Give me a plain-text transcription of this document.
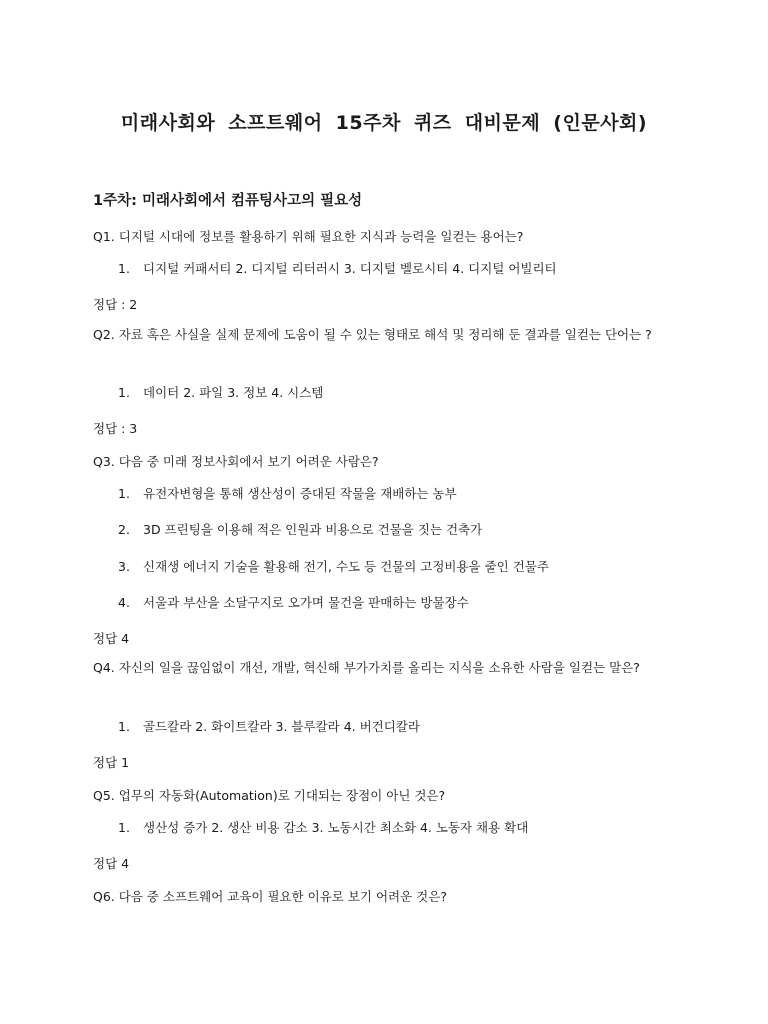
미래사회와 소프트웨어 15주차 퀴즈 대비문제 (인문사회)
1주차: 미래사회에서 컴퓨팅사고의 필요성
Q1. 디지털 시대에 정보를 활용하기 위해 필요한 지식과 능력을 일컫는 용어는?
1. 디지털 커패서티 2. 디지털 리터러시 3. 디지털 벨로시티 4. 디지털 어빌리티
정답 : 2
Q2. 자료 혹은 사실을 실제 문제에 도움이 될 수 있는 형태로 해석 및 정리해 둔 결과를 일컫는 단어는 ?
1. 데이터 2. 파일 3. 정보 4. 시스템
정답 : 3
Q3. 다음 중 미래 정보사회에서 보기 어려운 사람은?
1. 유전자변형을 통해 생산성이 증대된 작물을 재배하는 농부
2. 3D 프린팅을 이용해 적은 인원과 비용으로 건물을 짓는 건축가
3. 신재생 에너지 기술을 활용해 전기, 수도 등 건물의 고정비용을 줄인 건물주
4. 서울과 부산을 소달구지로 오가며 물건을 판매하는 방물장수
정답 4
Q4. 자신의 일을 끊임없이 개선, 개발, 혁신해 부가가치를 올리는 지식을 소유한 사람을 일컫는 말은?
1. 골드칼라 2. 화이트칼라 3. 블루칼라 4. 버건디칼라
정답 1
Q5. 업무의 자동화(Automation)로 기대되는 장점이 아닌 것은?
1. 생산성 증가 2. 생산 비용 감소 3. 노동시간 최소화 4. 노동자 채용 확대
정답 4
Q6. 다음 중 소프트웨어 교육이 필요한 이유로 보기 어려운 것은?
